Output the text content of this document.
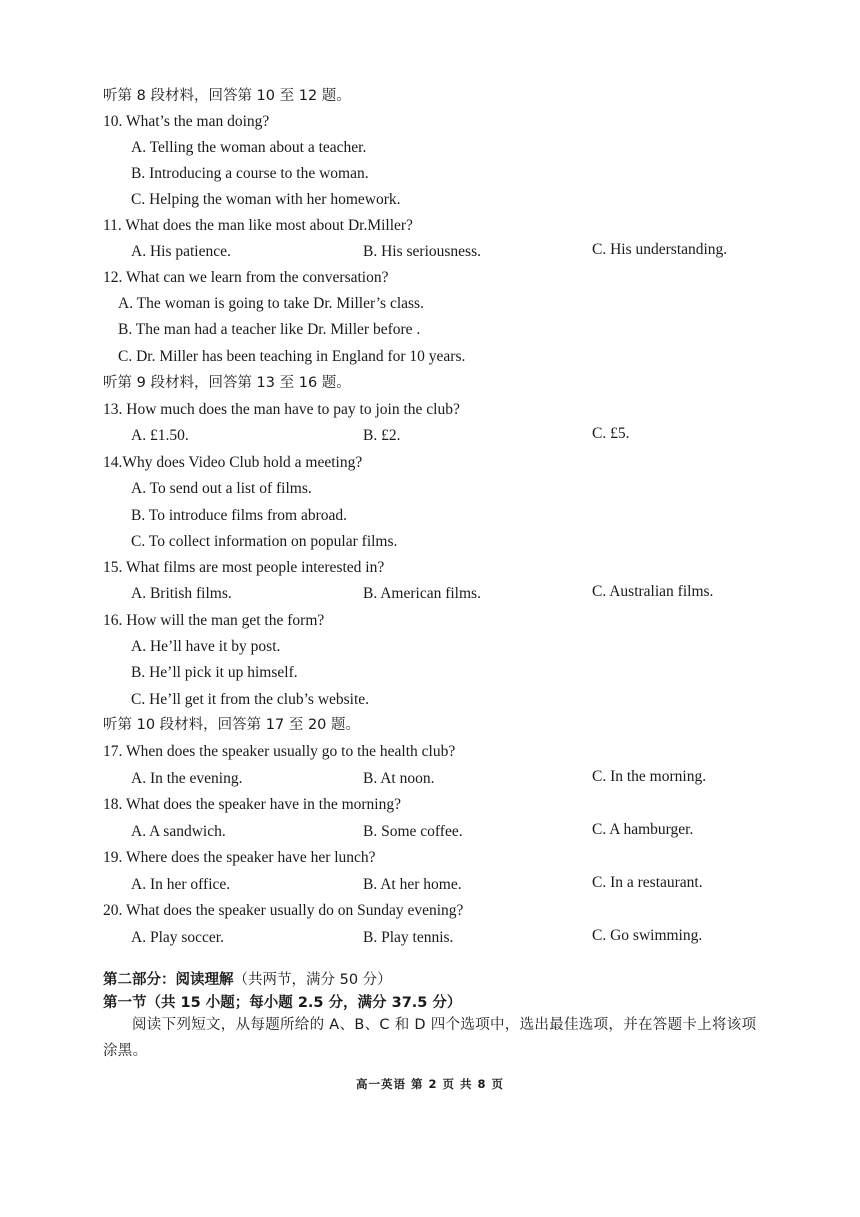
听第 8 段材料，回答第 10 至 12 题。
10. What’s the man doing?
A. Telling the woman about a teacher.
B. Introducing a course to the woman.
C. Helping the woman with her homework.
11. What does the man like most about Dr.Miller?
A. His patience.	B. His seriousness.	C. His understanding.
12. What can we learn from the conversation?
A. The woman is going to take Dr. Miller’s class.
B. The man had a teacher like Dr. Miller before .
C. Dr. Miller has been teaching in England for 10 years.
听第 9 段材料，回答第 13 至 16 题。
13. How much does the man have to pay to join the club?
A. £1.50.	B. £2.	C. £5.
14.Why does Video Club hold a meeting?
A. To send out a list of films.
B. To introduce films from abroad.
C. To collect information on popular films.
15. What films are most people interested in?
A. British films.	B. American films.	C. Australian films.
16. How will the man get the form?
A. He’ll have it by post.
B. He’ll pick it up himself.
C. He’ll get it from the club’s website.
听第 10 段材料，回答第 17 至 20 题。
17. When does the speaker usually go to the health club?
A. In the evening.	B. At noon.	C. In the morning.
18. What does the speaker have in the morning?
A. A sandwich.	B. Some coffee.	C. A hamburger.
19. Where does the speaker have her lunch?
A. In her office.	B. At her home.	C. In a restaurant.
20. What does the speaker usually do on Sunday evening?
A. Play soccer.	B. Play tennis.	C. Go swimming.
第二部分：阅读理解（共两节，满分 50 分）
第一节（共 15 小题；每小题 2.5 分，满分 37.5 分）
阅读下列短文，从每题所给的 A、B、C 和 D 四个选项中，选出最佳选项，并在答题卡上将该项涂黑。
高一英语 第 2 页 共 8 页
